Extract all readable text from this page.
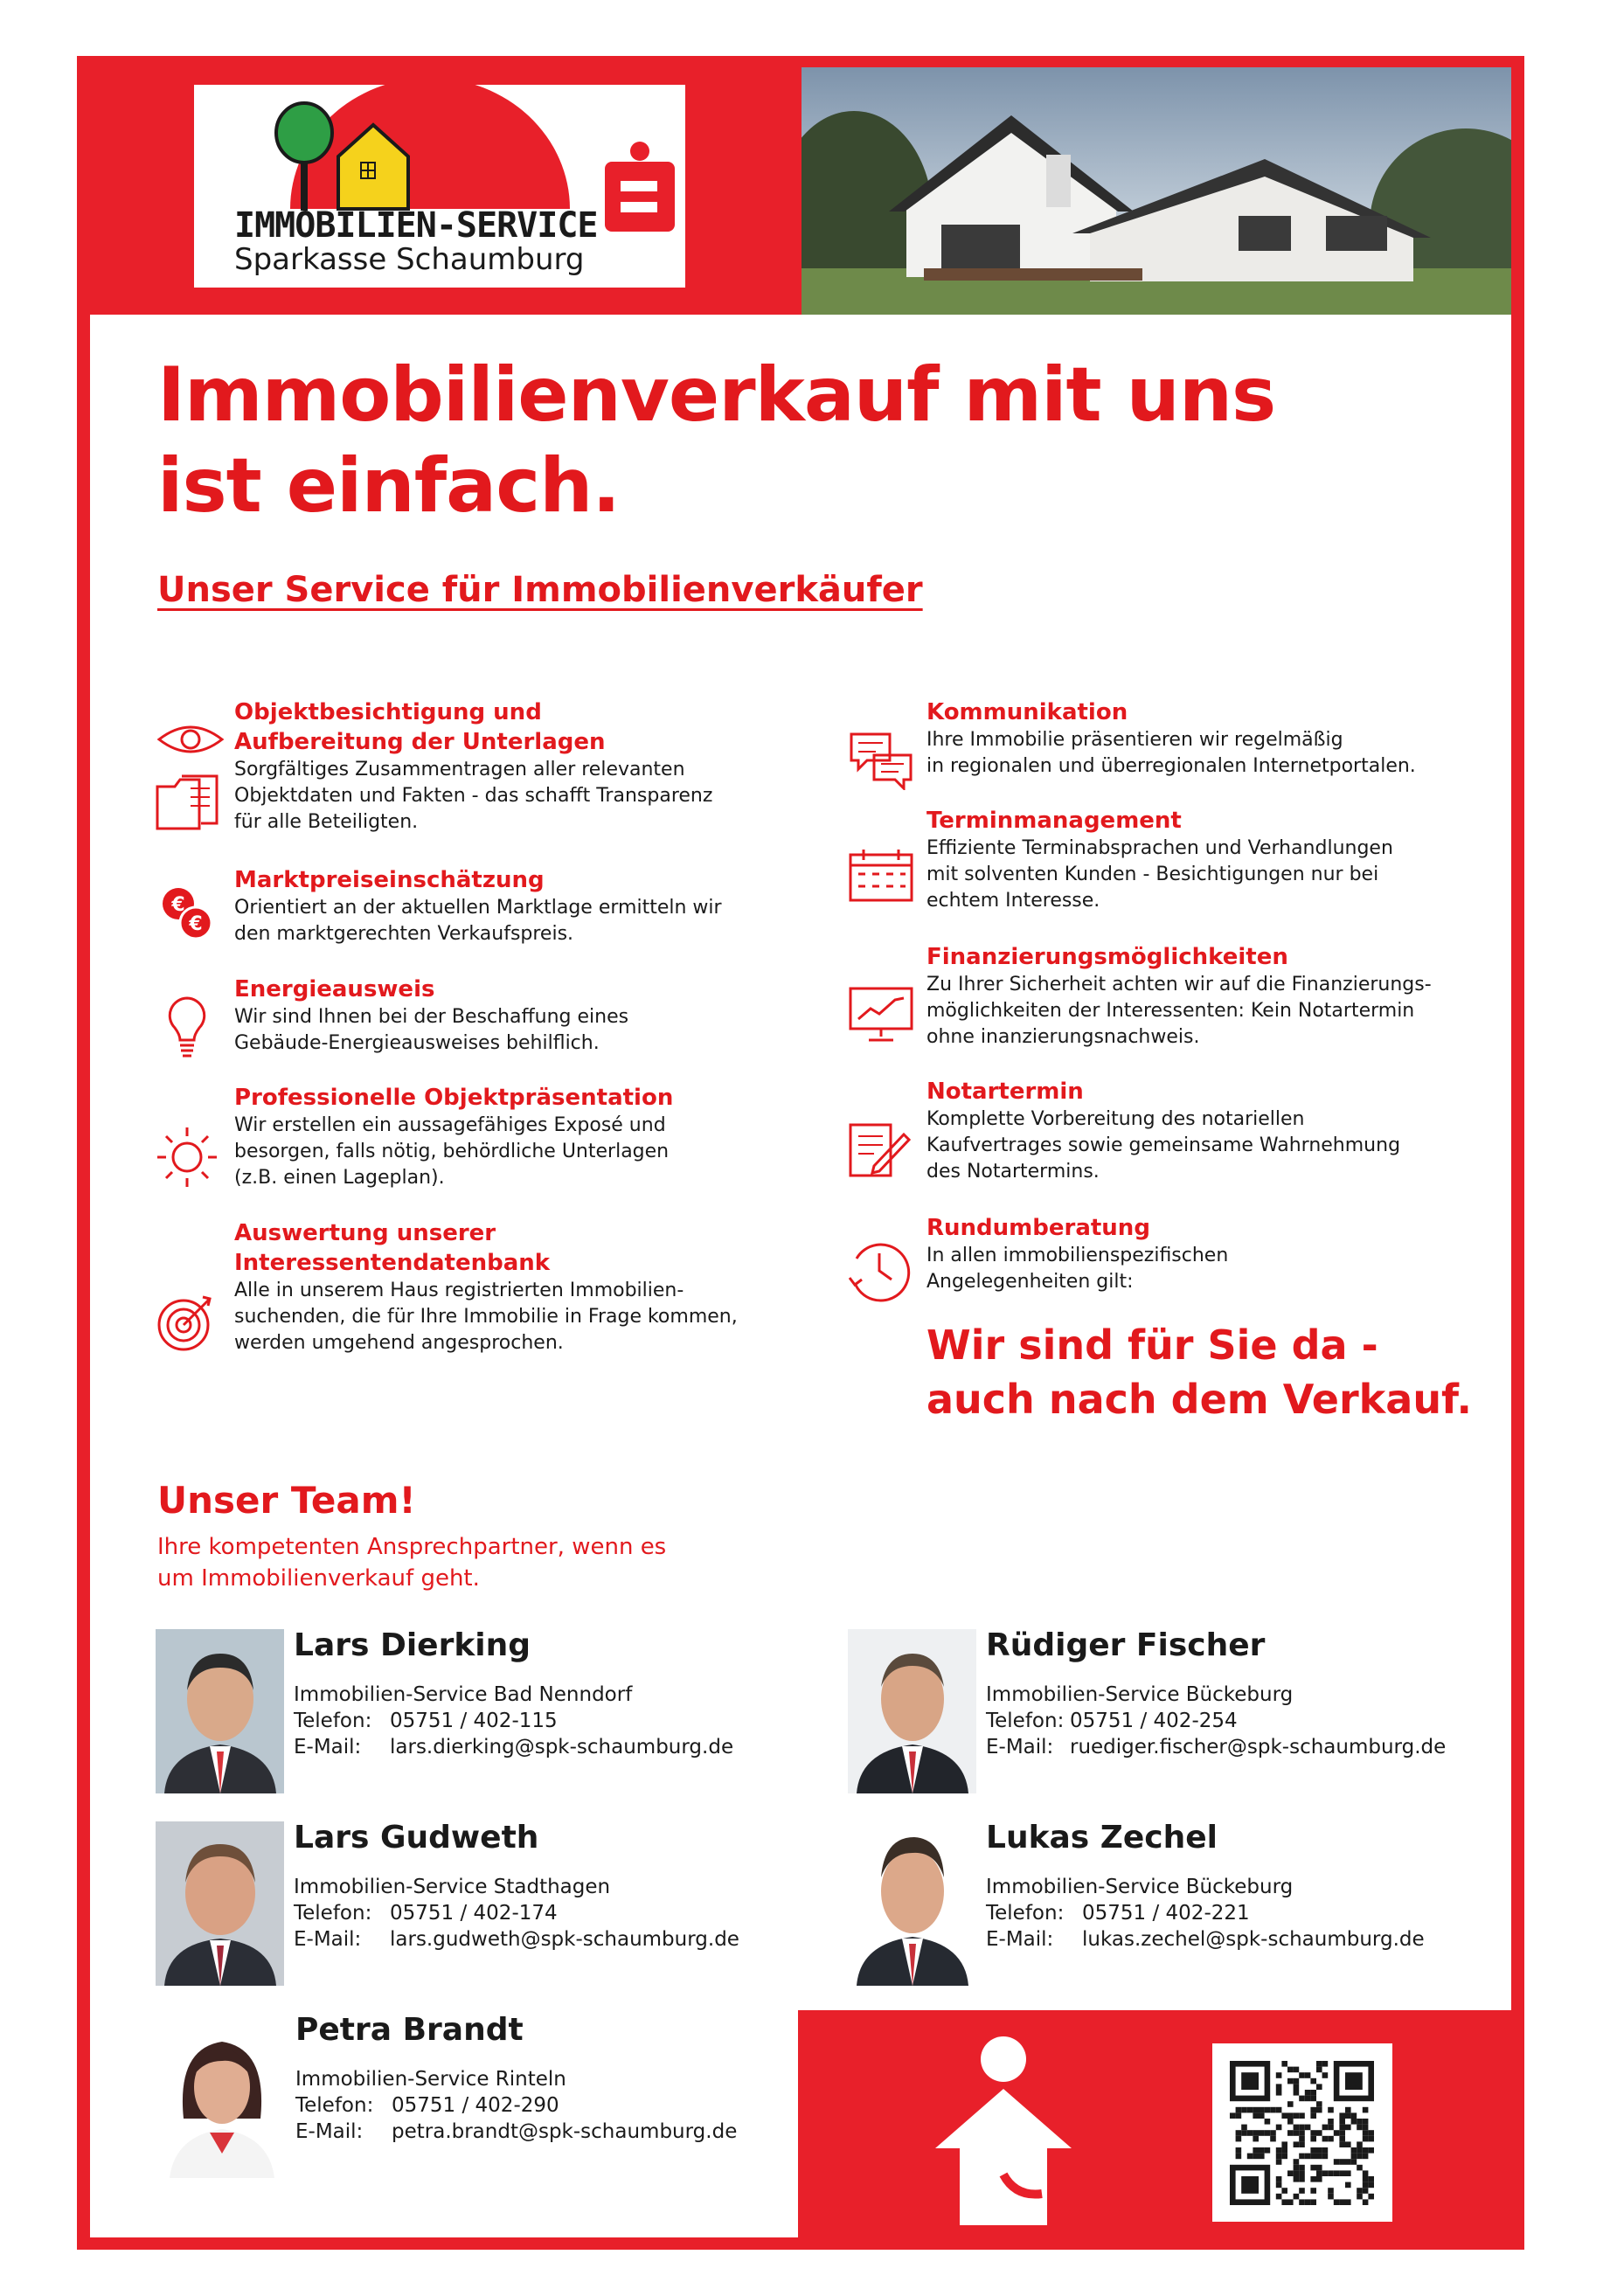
IMMOBILIEN-SERVICE
Sparkasse Schaumburg
Immobilienverkauf mit uns
ist einfach.
Unser Service für Immobilienverkäufer
Objektbesichtigung und
Aufbereitung der Unterlagen

Sorgfältiges Zusammentragen aller relevanten

Objektdaten und Fakten - das schafft Transparenz

für alle Beteiligten.

Marktpreiseinschätzung

Orientiert an der aktuellen Marktlage ermitteln wir

den marktgerechten Verkaufspreis.

€
€
Energieausweis

Wir sind Ihnen bei der Beschaffung eines

Gebäude-Energieausweises behilflich.

Professionelle Objektpräsentation

Wir erstellen ein aussagefähiges Exposé und

besorgen, falls nötig, behördliche Unterlagen

(z.B. einen Lageplan).

Auswertung unserer
Interessentendatenbank

Alle in unserem Haus registrierten Immobilien-

suchenden, die für Ihre Immobilie in Frage kommen,

werden umgehend angesprochen.

Kommunikation

Ihre Immobilie präsentieren wir regelmäßig

in regionalen und überregionalen Internetportalen.

Terminmanagement

Effiziente Terminabsprachen und Verhandlungen

mit solventen Kunden - Besichtigungen nur bei

echtem Interesse.

Finanzierungsmöglichkeiten

Zu Ihrer Sicherheit achten wir auf die Finanzierungs-

möglichkeiten der Interessenten: Kein Notartermin

ohne inanzierungsnachweis.

Notartermin

Komplette Vorbereitung des notariellen

Kaufvertrages sowie gemeinsame Wahrnehmung

des Notartermins.

Rundumberatung

In allen immobilienspezifischen

Angelegenheiten gilt:

Wir sind für Sie da -
auch nach dem Verkauf.
Unser Team!
Ihre kompetenten Ansprechpartner, wenn es
um Immobilienverkauf geht.
Lars Dierking
Immobilien-Service Bad Nenndorf
Telefon: 05751 / 402-115
E-Mail: lars.dierking@spk-schaumburg.de
Rüdiger Fischer
Immobilien-Service Bückeburg
Telefon: 05751 / 402-254
E-Mail: ruediger.fischer@spk-schaumburg.de
Lars Gudweth
Immobilien-Service Stadthagen
Telefon: 05751 / 402-174
E-Mail: lars.gudweth@spk-schaumburg.de
Lukas Zechel
Immobilien-Service Bückeburg
Telefon: 05751 / 402-221
E-Mail: lukas.zechel@spk-schaumburg.de
Petra Brandt
Immobilien-Service Rinteln
Telefon: 05751 / 402-290
E-Mail: petra.brandt@spk-schaumburg.de
